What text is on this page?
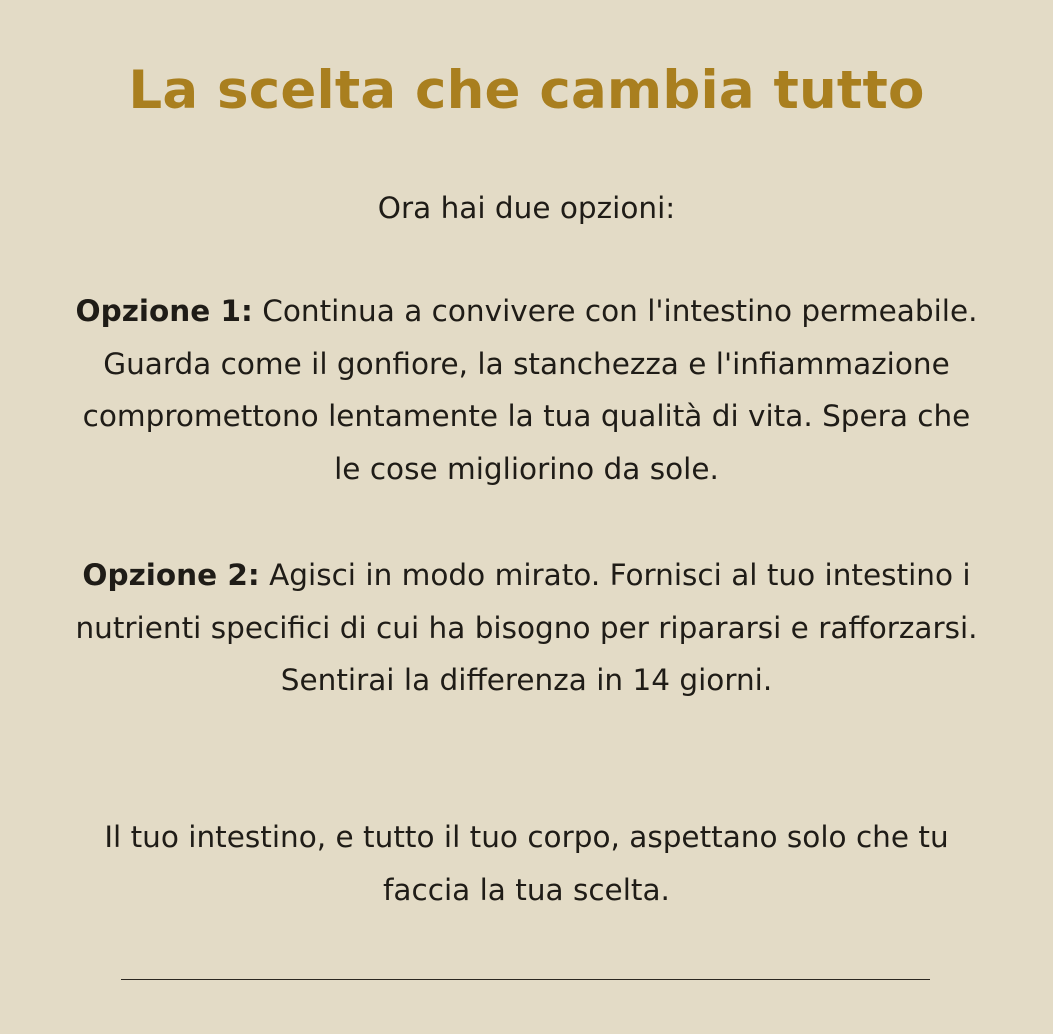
La scelta che cambia tutto

Ora hai due opzioni:

Opzione 1: Continua a convivere con l'intestino permeabile. Guarda come il gonfiore, la stanchezza e l'infiammazione compromettono lentamente la tua qualità di vita. Spera che le cose migliorino da sole.

Opzione 2: Agisci in modo mirato. Fornisci al tuo intestino i nutrienti specifici di cui ha bisogno per ripararsi e rafforzarsi. Sentirai la differenza in 14 giorni.

Il tuo intestino, e tutto il tuo corpo, aspettano solo che tu faccia la tua scelta.
